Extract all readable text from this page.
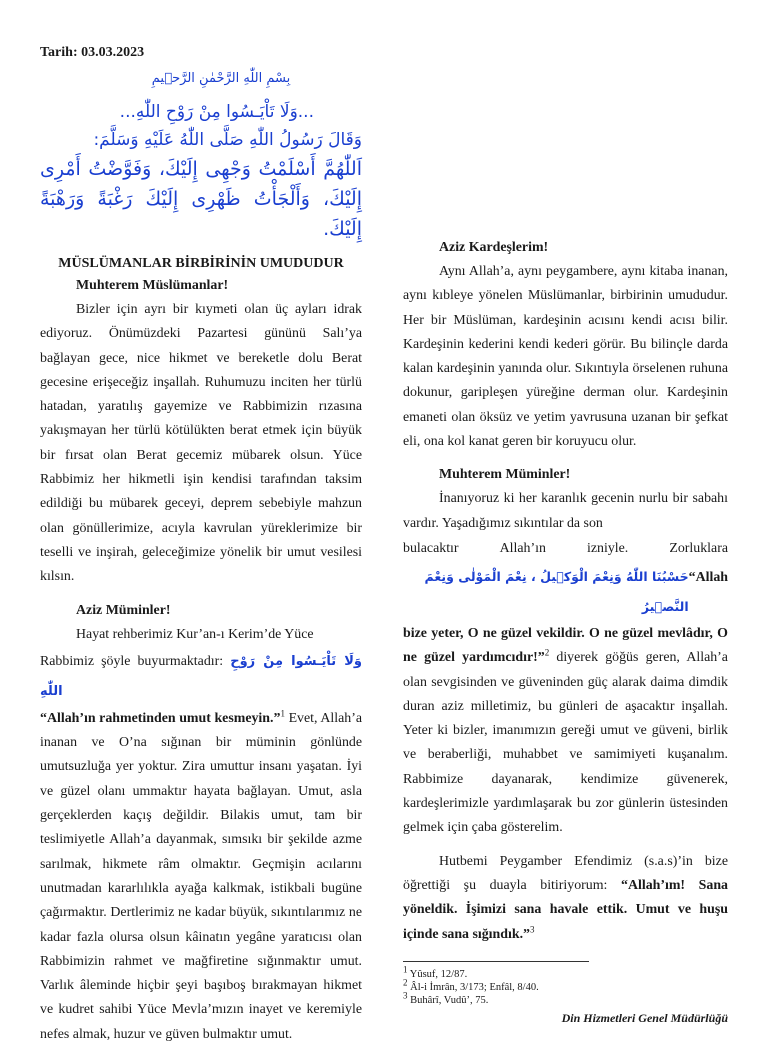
Tarih: 03.03.2023

بِسْمِ اللّٰهِ الرَّحْمٰنِ الرَّح۪يمِ

...وَلَا تَاْيَـسُوا مِنْ رَوْحِ اللّٰهِ...

وَقَالَ رَسُولُ اللّٰهِ صَلَّى اللّٰهُ عَلَيْهِ وَسَلَّمَ:

اَللّٰهُمَّ أَسْلَمْتُ وَجْهِى إِلَيْكَ، وَفَوَّضْتُ أَمْرِى إِلَيْكَ، وَأَلْجَأْتُ ظَهْرِى إِلَيْكَ رَغْبَةً وَرَهْبَةً إِلَيْكَ.

MÜSLÜMANLAR BİRBİRİNİN UMUDUDUR

Muhterem Müslümanlar!

Bizler için ayrı bir kıymeti olan üç ayları idrak ediyoruz. Önümüzdeki Pazartesi gününü Salı’ya bağlayan gece, nice hikmet ve bereketle dolu Berat gecesine erişeceğiz inşallah. Ruhumuzu inciten her türlü hatadan, yaratılış gayemize ve Rabbimizin rızasına yakışmayan her türlü kötülükten berat etmek için büyük bir fırsat olan Berat gecemiz mübarek olsun. Yüce Rabbimiz her hikmetli işin kendisi tarafından taksim edildiği bu mübarek geceyi, deprem sebebiyle mahzun olan gönüllerimize, acıyla kavrulan yüreklerimize bir teselli ve inşirah, geleceğimize yönelik bir umut vesilesi kılsın.

Aziz Müminler!

Hayat rehberimiz Kur’an-ı Kerim’de Yüce

Rabbimiz şöyle buyurmaktadır: وَلَا تَاْيَـسُوا مِنْ رَوْحِ اللّٰهِ

“Allah’ın rahmetinden umut kesmeyin.”$^1$ Evet, Allah’a inanan ve O’na sığınan bir müminin gönlünde umutsuzluğa yer yoktur. Zira umuttur insanı yaşatan. İyi ve güzel olanı ummaktır hayata bağlayan. Umut, asla gerçeklerden kaçış değildir. Bilakis umut, tam bir teslimiyetle Allah’a dayanmak, sımsıkı bir şekilde azme sarılmak, hikmete râm olmaktır. Geçmişin acılarını unutmadan kararlılıkla ayağa kalkmak, istikbali bugüne çağırmaktır. Dertlerimiz ne kadar büyük, sıkıntılarımız ne kadar fazla olursa olsun kâinatın yegâne yaratıcısı olan Rabbimizin rahmet ve mağfiretine sığınmaktır umut. Varlık âleminde hiçbir şeyi başıboş bırakmayan hikmet ve kudret sahibi Yüce Mevla’mızın inayet ve keremiyle nefes almak, huzur ve güven bulmaktır umut.

Aziz Kardeşlerim!

Aynı Allah’a, aynı peygambere, aynı kitaba inanan, aynı kıbleye yönelen Müslümanlar, birbirinin umududur. Her bir Müslüman, kardeşinin acısını kendi acısı bilir. Kardeşinin kederini kendi kederi görür. Bu bilinçle darda kalan kardeşinin yanında olur. Sıkıntıyla örselenen ruhuna dokunur, garipleşen yüreğine derman olur. Kardeşinin emaneti olan öksüz ve yetim yavrusuna uzanan bir şefkat eli, ona kol kanat geren bir koruyucu olur.

Muhterem Müminler!

İnanıyoruz ki her karanlık gecenin nurlu bir sabahı vardır. Yaşadığımız sıkıntılar da son

bulacaktır	Allah’ın	izniyle.	Zorluklara
حَسْبُنَا اللّٰهُ وَنِعْمَ الْوَك۪يلُ ، نِعْمَ الْمَوْلٰى وَنِعْمَ النَّص۪يرُ
“Allah

bize yeter, O ne güzel vekildir. O ne güzel mevlâdır, O ne güzel yardımcıdır!”$^2$ diyerek göğüs geren, Allah’a olan sevgisinden ve güveninden güç alarak daima dimdik duran aziz milletimiz, bu günleri de aşacaktır inşallah. Yeter ki bizler, imanımızın gereği umut ve güveni, birlik ve beraberliği, muhabbet ve samimiyeti kuşanalım. Rabbimize dayanarak, kendimize güvenerek, kardeşlerimizle yardımlaşarak bu zor günlerin üstesinden gelmek için çaba gösterelim.

Hutbemi Peygamber Efendimiz (s.a.s)’in bize öğrettiği şu duayla bitiriyorum: “Allah’ım! Sana yöneldik. İşimizi sana havale ettik. Umut ve huşu içinde sana sığındık.”$^3$

$^1$ Yûsuf, 12/87.

$^2$ Âl-i İmrân, 3/173; Enfâl, 8/40.

$^3$ Buhârî, Vudû’, 75.

Din Hizmetleri Genel Müdürlüğü
